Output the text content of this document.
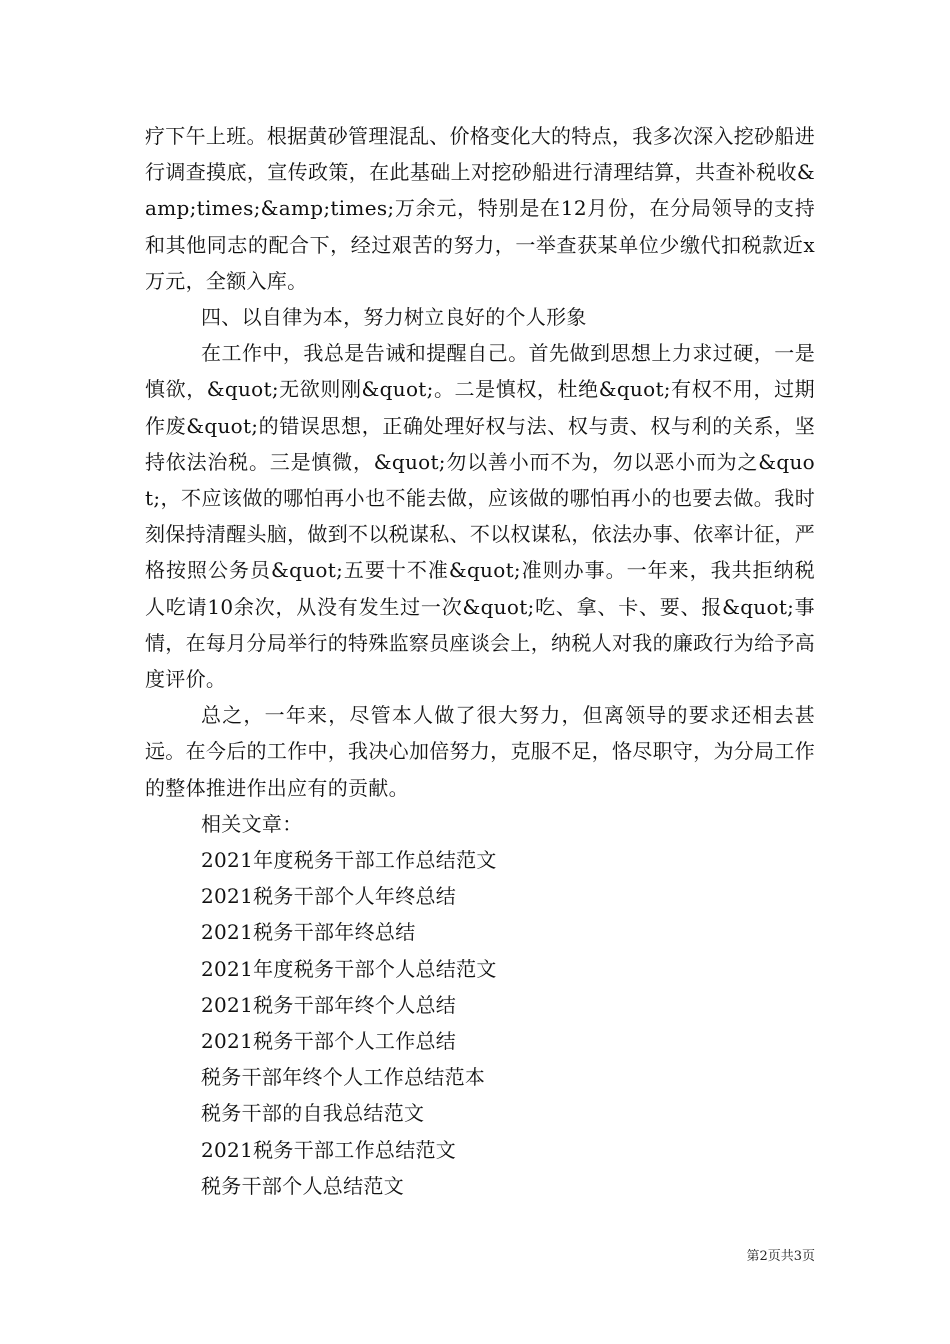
疗下午上班。根据黄砂管理混乱、价格变化大的特点，我多次深入挖砂船进行调查摸底，宣传政策，在此基础上对挖砂船进行清理结算，共查补税收&amp;times;&amp;times;万余元，特别是在12月份，在分局领导的支持和其他同志的配合下，经过艰苦的努力，一举查获某单位少缴代扣税款近x万元，全额入库。

四、以自律为本，努力树立良好的个人形象

在工作中，我总是告诫和提醒自己。首先做到思想上力求过硬，一是慎欲，&quot;无欲则刚&quot;。二是慎权，杜绝&quot;有权不用，过期作废&quot;的错误思想，正确处理好权与法、权与责、权与利的关系，坚持依法治税。三是慎微，&quot;勿以善小而不为，勿以恶小而为之&quot;，不应该做的哪怕再小也不能去做，应该做的哪怕再小的也要去做。我时刻保持清醒头脑，做到不以税谋私、不以权谋私，依法办事、依率计征，严格按照公务员&quot;五要十不准&quot;准则办事。一年来，我共拒纳税人吃请10余次，从没有发生过一次&quot;吃、拿、卡、要、报&quot;事情，在每月分局举行的特殊监察员座谈会上，纳税人对我的廉政行为给予高度评价。

总之，一年来，尽管本人做了很大努力，但离领导的要求还相去甚远。在今后的工作中，我决心加倍努力，克服不足，恪尽职守，为分局工作的整体推进作出应有的贡献。

相关文章：

2021年度税务干部工作总结范文
2021税务干部个人年终总结
2021税务干部年终总结
2021年度税务干部个人总结范文
2021税务干部年终个人总结
2021税务干部个人工作总结
税务干部年终个人工作总结范本
税务干部的自我总结范文
2021税务干部工作总结范文
税务干部个人总结范文
第2页共3页
